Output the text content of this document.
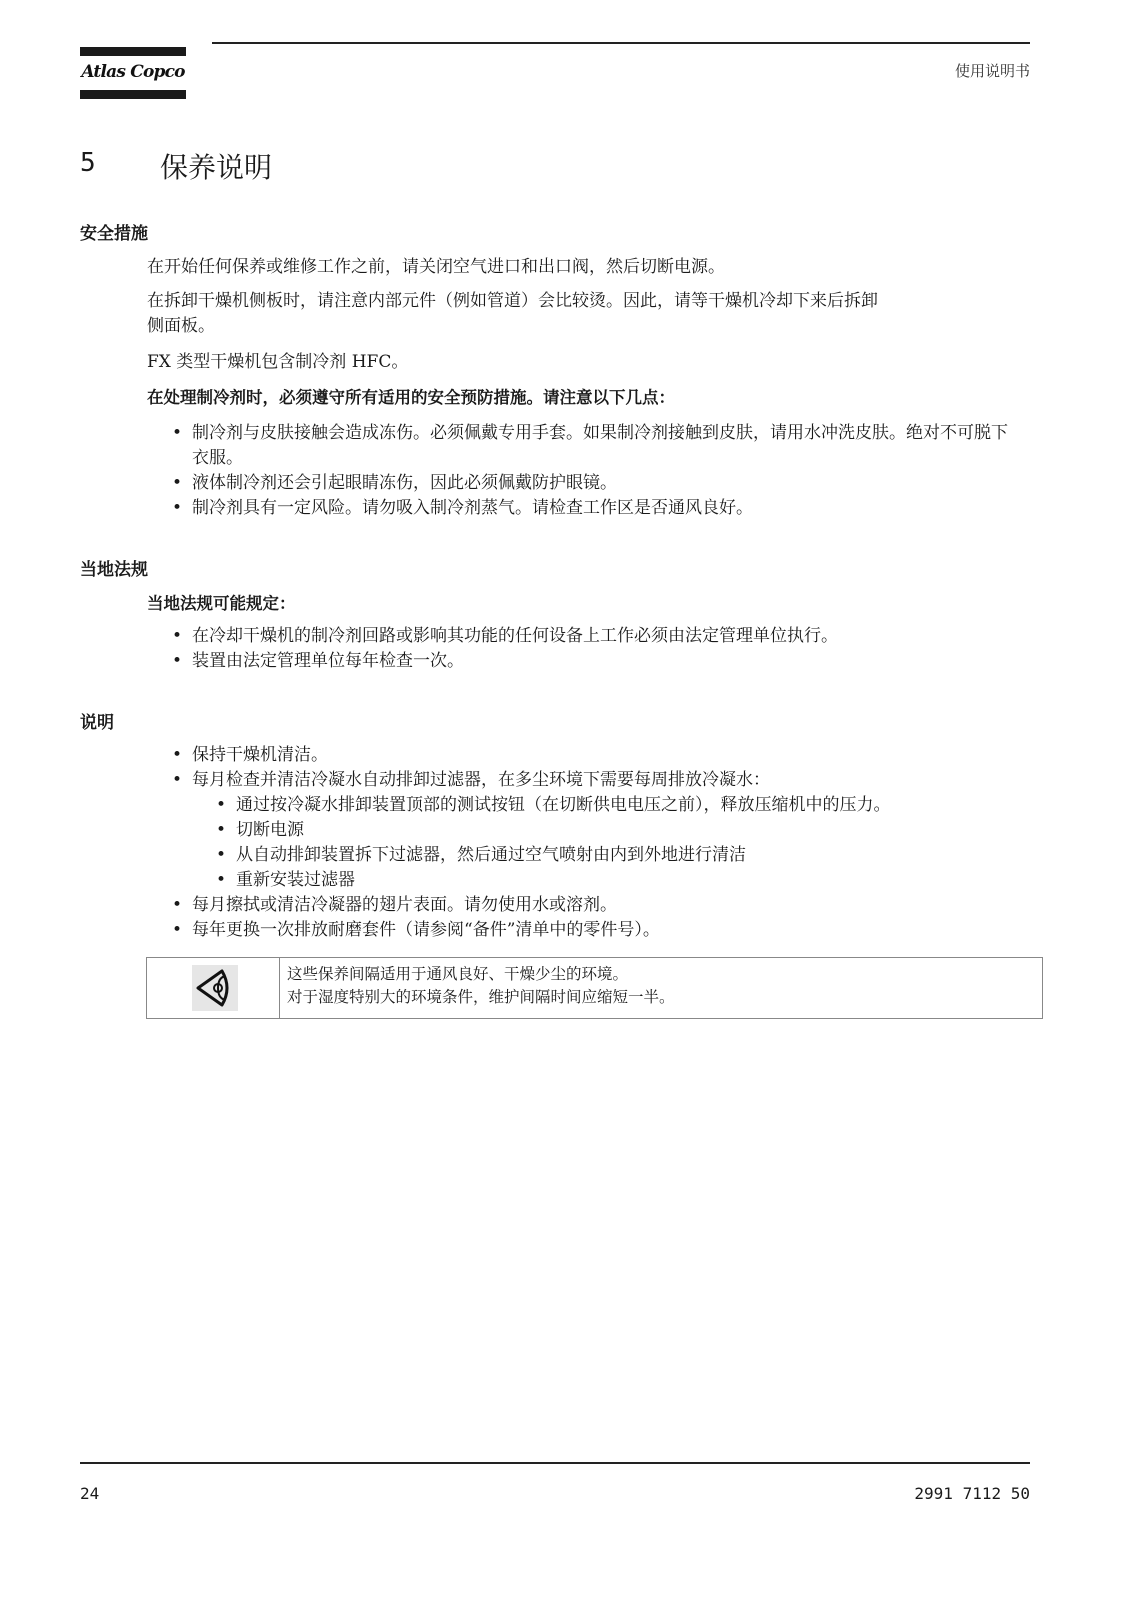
Atlas Copco	使用说明书
5 保养说明
安全措施
在开始任何保养或维修工作之前，请关闭空气进口和出口阀，然后切断电源。
在拆卸干燥机侧板时，请注意内部元件（例如管道）会比较烫。因此，请等干燥机冷却下来后拆卸
侧面板。
FX 类型干燥机包含制冷剂 HFC。
在处理制冷剂时，必须遵守所有适用的安全预防措施。请注意以下几点：
• 制冷剂与皮肤接触会造成冻伤。必须佩戴专用手套。如果制冷剂接触到皮肤，请用水冲洗皮肤。绝对不可脱下衣服。
• 液体制冷剂还会引起眼睛冻伤，因此必须佩戴防护眼镜。
• 制冷剂具有一定风险。请勿吸入制冷剂蒸气。请检查工作区是否通风良好。
当地法规
当地法规可能规定：
• 在冷却干燥机的制冷剂回路或影响其功能的任何设备上工作必须由法定管理单位执行。
• 装置由法定管理单位每年检查一次。
说明
• 保持干燥机清洁。
• 每月检查并清洁冷凝水自动排卸过滤器，在多尘环境下需要每周排放冷凝水：
• 通过按冷凝水排卸装置顶部的测试按钮（在切断供电电压之前），释放压缩机中的压力。
• 切断电源
• 从自动排卸装置拆下过滤器，然后通过空气喷射由内到外地进行清洁
• 重新安装过滤器
• 每月擦拭或清洁冷凝器的翅片表面。请勿使用水或溶剂。
• 每年更换一次排放耐磨套件（请参阅“备件”清单中的零件号）。
这些保养间隔适用于通风良好、干燥少尘的环境。
对于湿度特别大的环境条件，维护间隔时间应缩短一半。
24	2991 7112 50
